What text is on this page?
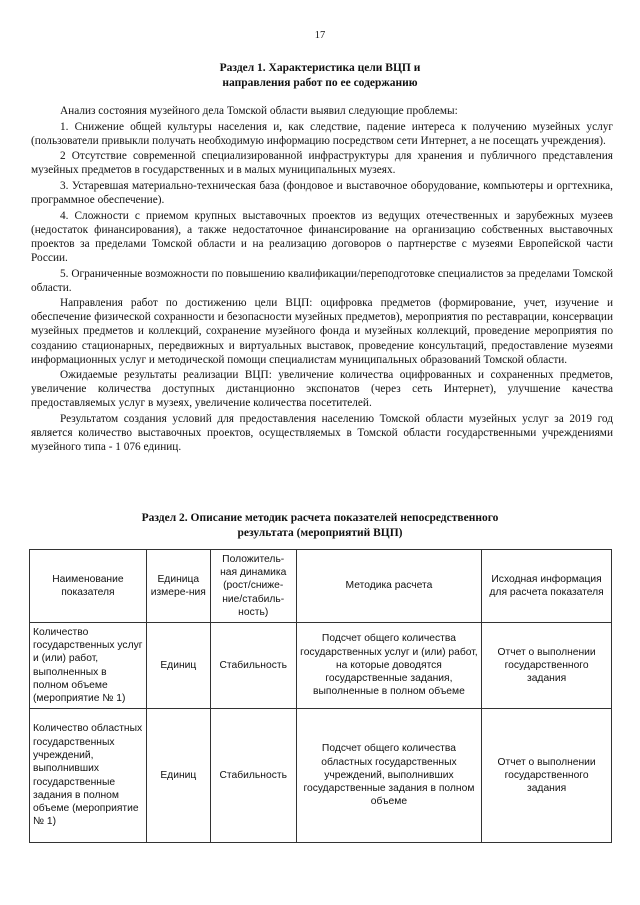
17
Раздел 1. Характеристика цели ВЦП и
направления работ по ее содержанию

Анализ состояния музейного дела Томской области выявил следующие проблемы:

1. Снижение общей культуры населения и, как следствие, падение интереса к получению музейных услуг (пользователи привыкли получать необходимую информацию посредством сети Интернет, а не посещать учреждения).

2 Отсутствие современной специализированной инфраструктуры для хранения и публичного представления музейных предметов в государственных и в малых муниципальных музеях.

3. Устаревшая материально-техническая база (фондовое и выставочное оборудование, компьютеры и оргтехника, программное обеспечение).

4. Сложности с приемом крупных выставочных проектов из ведущих отечественных и зарубежных музеев (недостаток финансирования), а также недостаточное финансирование на организацию собственных выставочных проектов за пределами Томской области и на реализацию договоров о партнерстве с музеями Европейской части России.

5. Ограниченные возможности по повышению квалификации/переподготовке специалистов за пределами Томской области.

Направления работ по достижению цели ВЦП: оцифровка предметов (формирование, учет, изучение и обеспечение физической сохранности и безопасности музейных предметов), мероприятия по реставрации, консервации музейных предметов и коллекций, сохранение музейного фонда и музейных коллекций, проведение мероприятия по созданию стационарных, передвижных и виртуальных выставок, проведение консультаций, предоставление музеями информационных услуг и методической помощи специалистам муниципальных образований Томской области.

Ожидаемые результаты реализации ВЦП: увеличение количества оцифрованных и сохраненных предметов, увеличение количества доступных дистанционно экспонатов (через сеть Интернет), улучшение качества предоставляемых услуг в музеях, увеличение количества посетителей.

Результатом создания условий для предоставления населению Томской области музейных услуг за 2019 год является количество выставочных проектов, осуществляемых в Томской области государственными учреждениями музейного типа - 1 076 единиц.

Раздел 2. Описание методик расчета показателей непосредственного
результата (мероприятий ВЦП)
Наименование показателя	Единица измере-ния	Положитель-ная динамика (рост/сниже-ние/стабиль-ность)	Методика расчета	Исходная информация для расчета показателя
Количество государственных услуг и (или) работ, выполненных в полном объеме (мероприятие № 1)	Единиц	Стабильность	Подсчет общего количества государственных услуг и (или) работ, на которые доводятся государственные задания, выполненные в полном объеме	Отчет о выполнении государственного задания
Количество областных государственных учреждений, выполнивших государственные задания в полном объеме (мероприятие № 1)	Единиц	Стабильность	Подсчет общего количества областных государственных учреждений, выполнивших государственные задания в полном объеме	Отчет о выполнении государственного задания
